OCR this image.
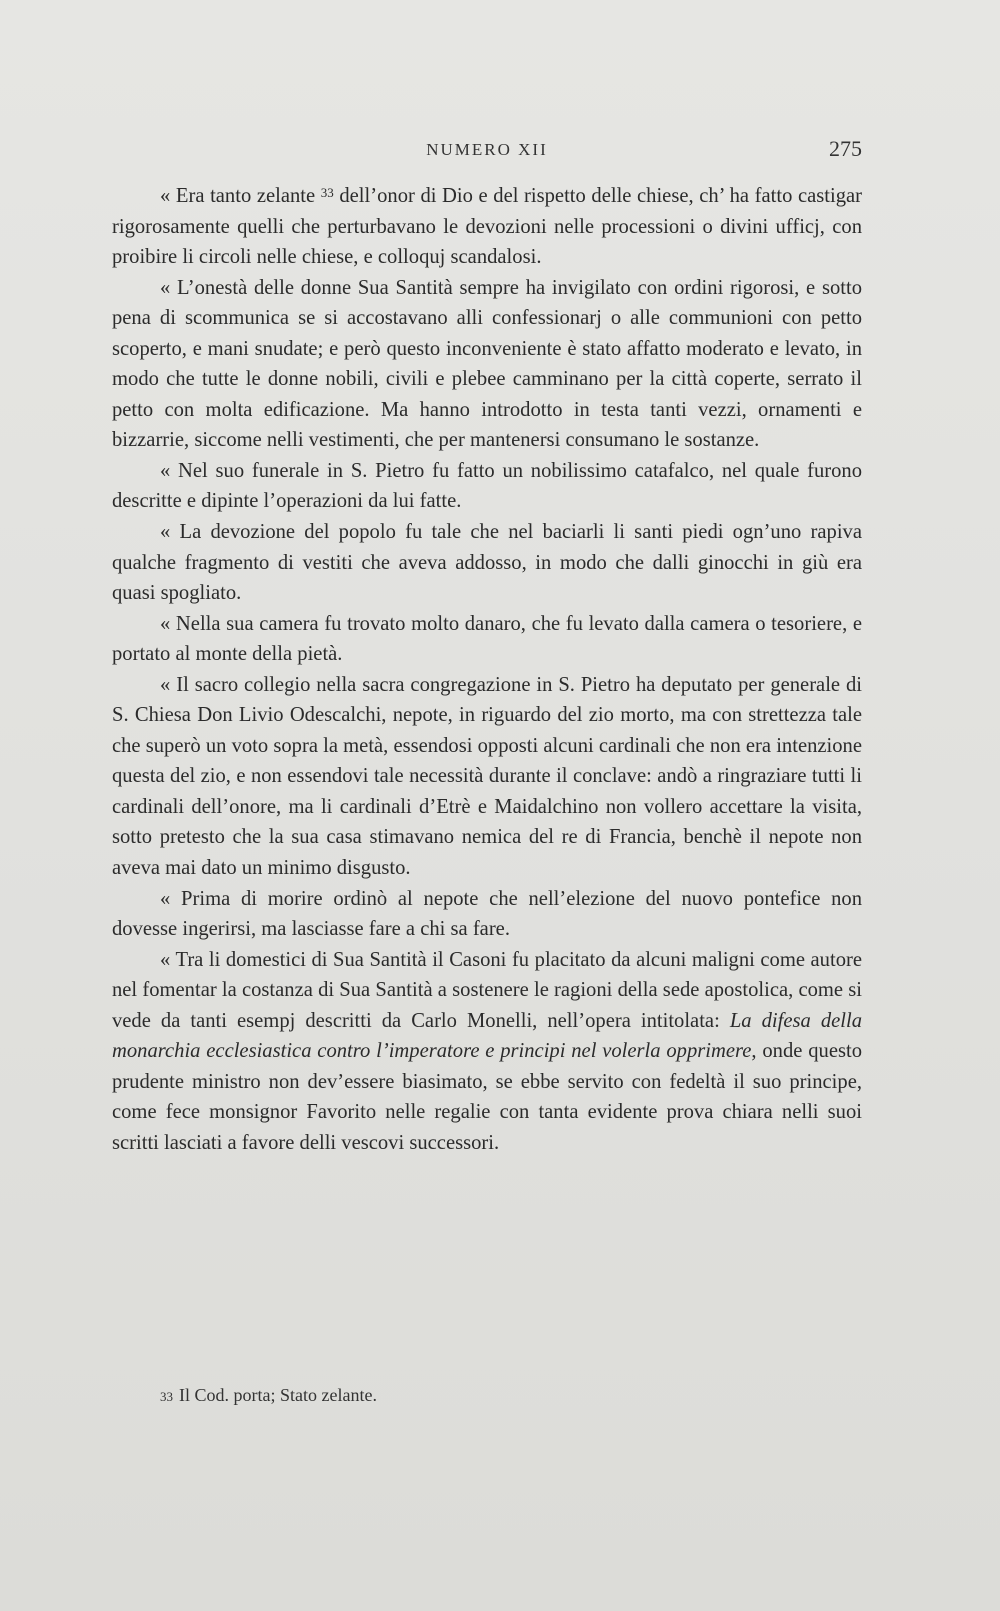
NUMERO XII	275

« Era tanto zelante $^{33}$ dell’onor di Dio e del rispetto delle chiese, ch’ ha fatto castigar rigorosamente quelli che perturbavano le devozioni nelle processioni o divini ufficj, con proibire li circoli nelle chiese, e colloquj scandalosi.

« L’onestà delle donne Sua Santità sempre ha invigilato con ordini rigorosi, e sotto pena di scommunica se si accostavano alli confessionarj o alle communioni con petto scoperto, e mani snudate; e però questo inconveniente è stato affatto moderato e levato, in modo che tutte le donne nobili, civili e plebee camminano per la città coperte, serrato il petto con molta edificazione. Ma hanno introdotto in testa tanti vezzi, ornamenti e bizzarrie, siccome nelli vestimenti, che per mantenersi consumano le sostanze.

« Nel suo funerale in S. Pietro fu fatto un nobilissimo catafalco, nel quale furono descritte e dipinte l’operazioni da lui fatte.

« La devozione del popolo fu tale che nel baciarli li santi piedi ogn’uno rapiva qualche fragmento di vestiti che aveva addosso, in modo che dalli ginocchi in giù era quasi spogliato.

« Nella sua camera fu trovato molto danaro, che fu levato dalla camera o tesoriere, e portato al monte della pietà.

« Il sacro collegio nella sacra congregazione in S. Pietro ha deputato per generale di S. Chiesa Don Livio Odescalchi, nepote, in riguardo del zio morto, ma con strettezza tale che superò un voto sopra la metà, essendosi opposti alcuni cardinali che non era intenzione questa del zio, e non essendovi tale necessità durante il conclave: andò a ringraziare tutti li cardinali dell’onore, ma li cardinali d’Etrè e Maidalchino non vollero accettare la visita, sotto pretesto che la sua casa stimavano nemica del re di Francia, benchè il nepote non aveva mai dato un minimo disgusto.

« Prima di morire ordinò al nepote che nell’elezione del nuovo pontefice non dovesse ingerirsi, ma lasciasse fare a chi sa fare.

« Tra li domestici di Sua Santità il Casoni fu placitato da alcuni maligni come autore nel fomentar la costanza di Sua Santità a sostenere le ragioni della sede apostolica, come si vede da tanti esempj descritti da Carlo Monelli, nell’opera intitolata: La difesa della monarchia ecclesiastica contro l’imperatore e principi nel volerla opprimere, onde questo prudente ministro non dev’essere biasimato, se ebbe servito con fedeltà il suo principe, come fece monsignor Favorito nelle regalie con tanta evidente prova chiara nelli suoi scritti lasciati a favore delli vescovi successori.

33 Il Cod. porta; Stato zelante.
